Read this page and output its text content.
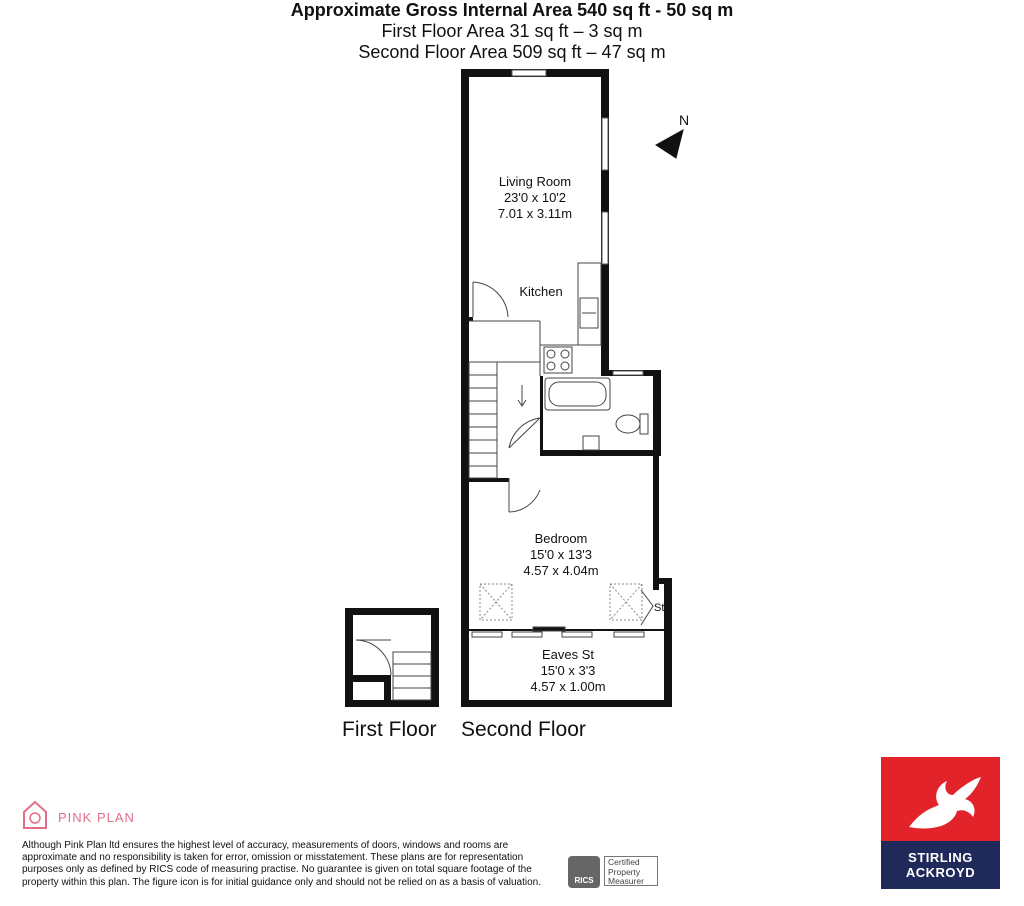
Approximate Gross Internal Area 540 sq ft - 50 sq m
First Floor Area 31 sq ft – 3 sq m
Second Floor Area 509 sq ft – 47 sq m
N
Living Room
23'0 x 10'2
7.01 x 3.11m
Kitchen
Bedroom
15'0 x 13'3
4.57 x 4.04m
Eaves St
15'0 x 3'3
4.57 x 1.00m
St
First Floor Second Floor
PINK PLAN
Although Pink Plan ltd ensures the highest level of accuracy, measurements of doors, windows and rooms are approximate and no responsibility is taken for error, omission or misstatement. These plans are for representation purposes only as defined by RICS code of measuring practise. No guarantee is given on total square footage of the property within this plan. The figure icon is for initial guidance only and should not be relied on as a basis of valuation.	RICS
Certified
Property
Measurer
STIRLING
ACKROYD
